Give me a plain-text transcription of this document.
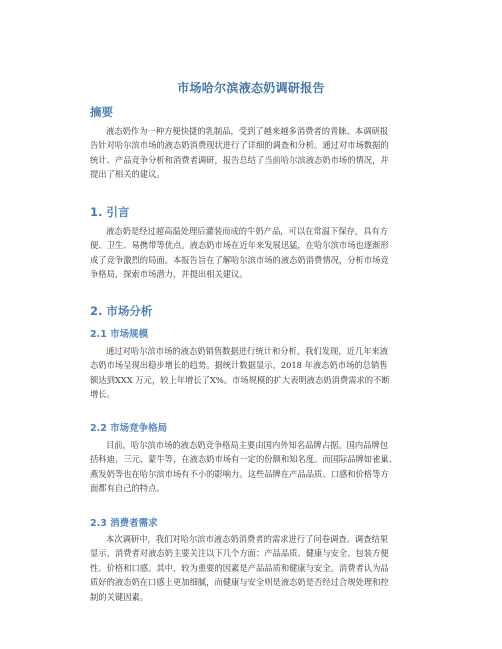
市场哈尔滨液态奶调研报告
摘要
液态奶作为一种方便快捷的乳制品，受到了越来越多消费者的青睐。本调研报
告针对哈尔滨市场的液态奶消费现状进行了详细的调查和分析。通过对市场数据的
统计、产品竞争分析和消费者调研，报告总结了当前哈尔滨液态奶市场的情况，并
提出了相关的建议。
1. 引言
液态奶是经过超高温处理后灌装而成的牛奶产品，可以在常温下保存，具有方
便、卫生、易携带等优点。液态奶市场在近年来发展迅猛，在哈尔滨市场也逐渐形
成了竞争激烈的局面。本报告旨在了解哈尔滨市场的液态奶消费情况，分析市场竞
争格局，探索市场潜力，并提出相关建议。
2. 市场分析
2.1 市场规模
通过对哈尔滨市场的液态奶销售数据进行统计和分析，我们发现，近几年来液
态奶市场呈现出稳步增长的趋势。据统计数据显示，2018 年液态奶市场的总销售
额达到XXX 万元，较上年增长了X%。市场规模的扩大表明液态奶消费需求的不断
增长。
2.2 市场竞争格局
目前，哈尔滨市场的液态奶竞争格局主要由国内外知名品牌占据。国内品牌包
括科迪、三元、蒙牛等，在液态奶市场有一定的份额和知名度。而国际品牌如雀巢、
燕发奶等也在哈尔滨市场有不小的影响力。这些品牌在产品品质、口感和价格等方
面都有自己的特点。
2.3 消费者需求
本次调研中，我们对哈尔滨市液态奶消费者的需求进行了问卷调查。调查结果
显示，消费者对液态奶主要关注以下几个方面：产品品质、健康与安全、包装方便
性、价格和口感。其中，较为重要的因素是产品品质和健康与安全。消费者认为品
质好的液态奶在口感上更加细腻，而健康与安全则是液态奶是否经过合规处理和控
制的关键因素。
